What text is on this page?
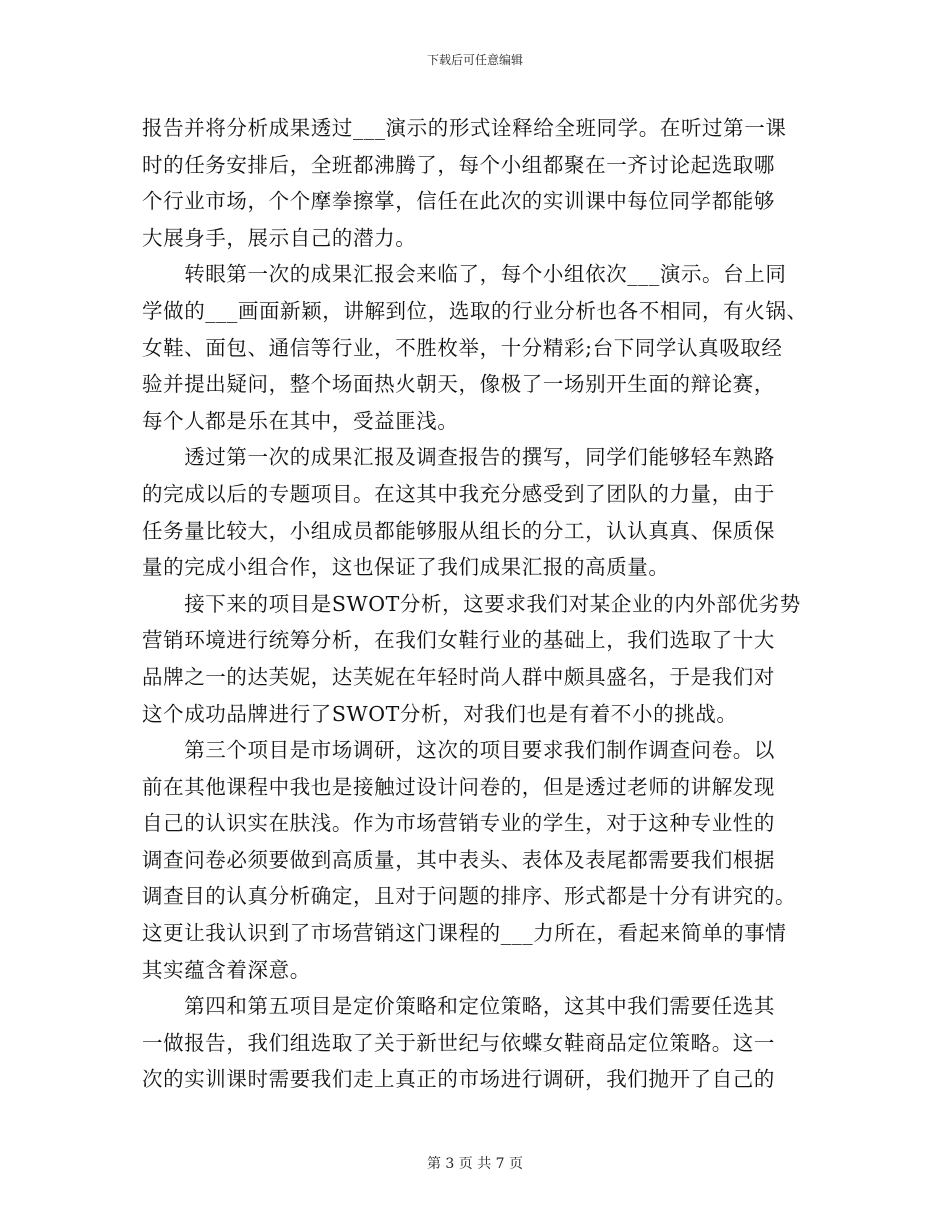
下载后可任意编辑
报告并将分析成果透过___演示的形式诠释给全班同学。在听过第一课
时的任务安排后，全班都沸腾了，每个小组都聚在一齐讨论起选取哪
个行业市场，个个摩拳擦掌，信任在此次的实训课中每位同学都能够
大展身手，展示自己的潜力。
　　转眼第一次的成果汇报会来临了，每个小组依次___演示。台上同
学做的___画面新颖，讲解到位，选取的行业分析也各不相同，有火锅、
女鞋、面包、通信等行业，不胜枚举，十分精彩;台下同学认真吸取经
验并提出疑问，整个场面热火朝天，像极了一场别开生面的辩论赛，
每个人都是乐在其中，受益匪浅。
　　透过第一次的成果汇报及调查报告的撰写，同学们能够轻车熟路
的完成以后的专题项目。在这其中我充分感受到了团队的力量，由于
任务量比较大，小组成员都能够服从组长的分工，认认真真、保质保
量的完成小组合作，这也保证了我们成果汇报的高质量。
　　接下来的项目是SWOT分析，这要求我们对某企业的内外部优劣势
营销环境进行统筹分析，在我们女鞋行业的基础上，我们选取了十大
品牌之一的达芙妮，达芙妮在年轻时尚人群中颇具盛名，于是我们对
这个成功品牌进行了SWOT分析，对我们也是有着不小的挑战。
　　第三个项目是市场调研，这次的项目要求我们制作调查问卷。以
前在其他课程中我也是接触过设计问卷的，但是透过老师的讲解发现
自己的认识实在肤浅。作为市场营销专业的学生，对于这种专业性的
调查问卷必须要做到高质量，其中表头、表体及表尾都需要我们根据
调查目的认真分析确定，且对于问题的排序、形式都是十分有讲究的。
这更让我认识到了市场营销这门课程的___力所在，看起来简单的事情
其实蕴含着深意。
　　第四和第五项目是定价策略和定位策略，这其中我们需要任选其
一做报告，我们组选取了关于新世纪与依蝶女鞋商品定位策略。这一
次的实训课时需要我们走上真正的市场进行调研，我们抛开了自己的
第 3 页 共 7 页
